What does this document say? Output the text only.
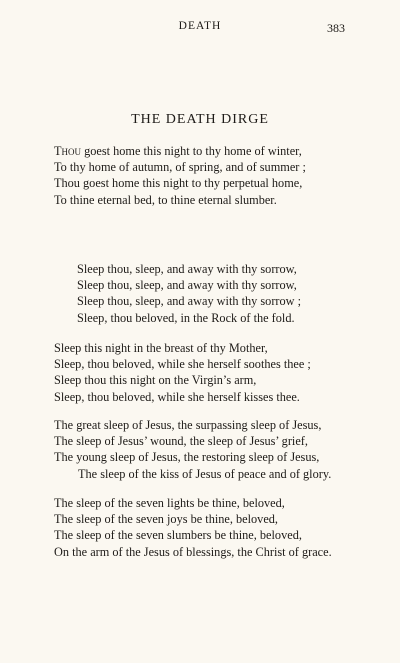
DEATH	383
THE DEATH DIRGE
Thou goest home this night to thy home of winter,
To thy home of autumn, of spring, and of summer ;
Thou goest home this night to thy perpetual home,
To thine eternal bed, to thine eternal slumber.
Sleep thou, sleep, and away with thy sorrow,
Sleep thou, sleep, and away with thy sorrow,
Sleep thou, sleep, and away with thy sorrow ;
Sleep, thou beloved, in the Rock of the fold.
Sleep this night in the breast of thy Mother,
Sleep, thou beloved, while she herself soothes thee ;
Sleep thou this night on the Virgin’s arm,
Sleep, thou beloved, while she herself kisses thee.
The great sleep of Jesus, the surpassing sleep of Jesus,
The sleep of Jesus’ wound, the sleep of Jesus’ grief,
The young sleep of Jesus, the restoring sleep of Jesus,
The sleep of the kiss of Jesus of peace and of glory.
The sleep of the seven lights be thine, beloved,
The sleep of the seven joys be thine, beloved,
The sleep of the seven slumbers be thine, beloved,
On the arm of the Jesus of blessings, the Christ of grace.
